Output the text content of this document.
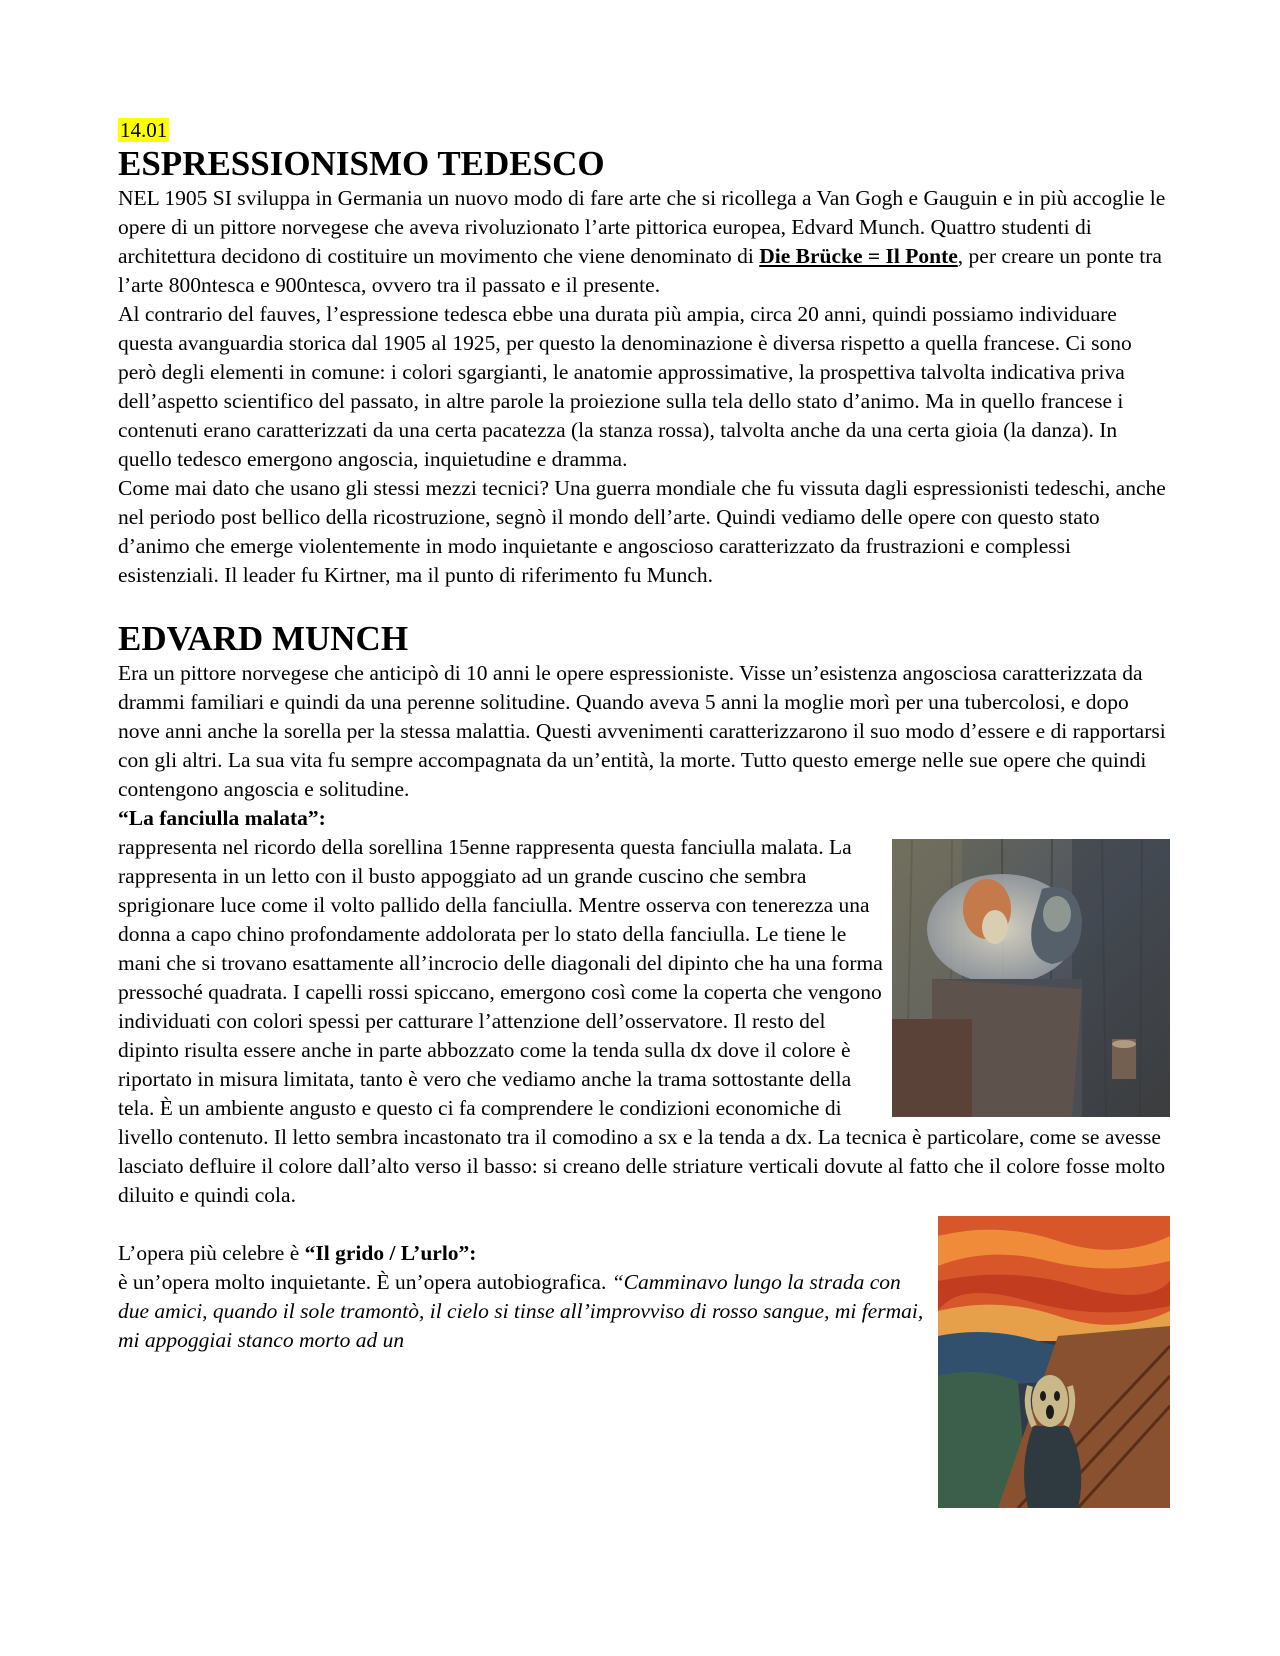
14.01
ESPRESSIONISMO TEDESCO

NEL 1905 SI sviluppa in Germania un nuovo modo di fare arte che si ricollega a Van Gogh e Gauguin e in più accoglie le opere di un pittore norvegese che aveva rivoluzionato l’arte pittorica europea, Edvard Munch. Quattro studenti di architettura decidono di costituire un movimento che viene denominato di Die Brücke = Il Ponte, per creare un ponte tra l’arte 800ntesca e 900ntesca, ovvero tra il passato e il presente.

Al contrario del fauves, l’espressione tedesca ebbe una durata più ampia, circa 20 anni, quindi possiamo individuare questa avanguardia storica dal 1905 al 1925, per questo la denominazione è diversa rispetto a quella francese. Ci sono però degli elementi in comune: i colori sgargianti, le anatomie approssimative, la prospettiva talvolta indicativa priva dell’aspetto scientifico del passato, in altre parole la proiezione sulla tela dello stato d’animo. Ma in quello francese i contenuti erano caratterizzati da una certa pacatezza (la stanza rossa), talvolta anche da una certa gioia (la danza). In quello tedesco emergono angoscia, inquietudine e dramma.

Come mai dato che usano gli stessi mezzi tecnici? Una guerra mondiale che fu vissuta dagli espressionisti tedeschi, anche nel periodo post bellico della ricostruzione, segnò il mondo dell’arte. Quindi vediamo delle opere con questo stato d’animo che emerge violentemente in modo inquietante e angoscioso caratterizzato da frustrazioni e complessi esistenziali. Il leader fu Kirtner, ma il punto di riferimento fu Munch.

EDVARD MUNCH

Era un pittore norvegese che anticipò di 10 anni le opere espressioniste. Visse un’esistenza angosciosa caratterizzata da drammi familiari e quindi da una perenne solitudine. Quando aveva 5 anni la moglie morì per una tubercolosi, e dopo nove anni anche la sorella per la stessa malattia. Questi avvenimenti caratterizzarono il suo modo d’essere e di rapportarsi con gli altri. La sua vita fu sempre accompagnata da un’entità, la morte. Tutto questo emerge nelle sue opere che quindi contengono angoscia e solitudine.

“La fanciulla malata”:

rappresenta nel ricordo della sorellina 15enne rappresenta questa fanciulla malata. La rappresenta in un letto con il busto appoggiato ad un grande cuscino che sembra sprigionare luce come il volto pallido della fanciulla. Mentre osserva con tenerezza una donna a capo chino profondamente addolorata per lo stato della fanciulla. Le tiene le mani che si trovano esattamente all’incrocio delle diagonali del dipinto che ha una forma pressoché quadrata. I capelli rossi spiccano, emergono così come la coperta che vengono individuati con colori spessi per catturare l’attenzione dell’osservatore. Il resto del dipinto risulta essere anche in parte abbozzato come la tenda sulla dx dove il colore è riportato in misura limitata, tanto è vero che vediamo anche la trama sottostante della tela. È un ambiente angusto e questo ci fa comprendere le condizioni economiche di livello contenuto. Il letto sembra incastonato tra il comodino a sx e la tenda a dx. La tecnica è particolare, come se avesse lasciato defluire il colore dall’alto verso il basso: si creano delle striature verticali dovute al fatto che il colore fosse molto diluito e quindi cola.

L’opera più celebre è “Il grido / L’urlo”:

è un’opera molto inquietante. È un’opera autobiografica. “Camminavo lungo la strada con due amici, quando il sole tramontò, il cielo si tinse all’improvviso di rosso sangue, mi fermai, mi appoggiai stanco morto ad un
